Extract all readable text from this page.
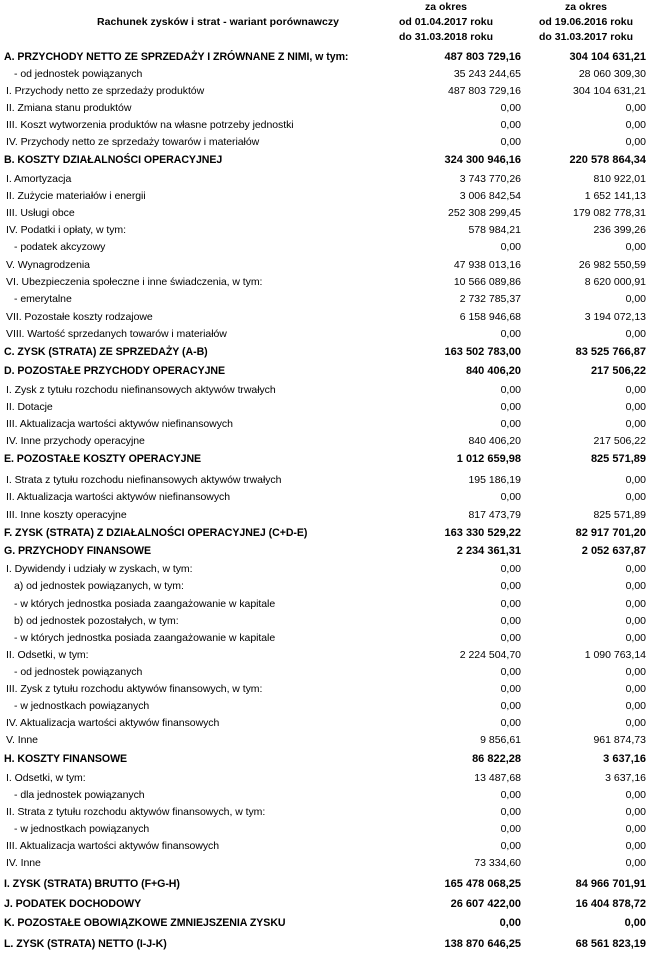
Rachunek zysków i strat - wariant porównawczy
za okres
od 01.04.2017 roku
do 31.03.2018 roku
za okres
od 19.06.2016 roku
do 31.03.2017 roku
A. PRZYCHODY NETTO ZE SPRZEDAŻY I ZRÓWNANE Z NIMI, w tym:	487 803 729,16	304 104 631,21
- od jednostek powiązanych	35 243 244,65	28 060 309,30
I. Przychody netto ze sprzedaży produktów	487 803 729,16	304 104 631,21
II. Zmiana stanu produktów	0,00	0,00
III. Koszt wytworzenia produktów na własne potrzeby jednostki	0,00	0,00
IV. Przychody netto ze sprzedaży towarów i materiałów	0,00	0,00
B. KOSZTY DZIAŁALNOŚCI OPERACYJNEJ	324 300 946,16	220 578 864,34
I. Amortyzacja	3 743 770,26	810 922,01
II. Zużycie materiałów i energii	3 006 842,54	1 652 141,13
III. Usługi obce	252 308 299,45	179 082 778,31
IV. Podatki i opłaty, w tym:	578 984,21	236 399,26
- podatek akcyzowy	0,00	0,00
V. Wynagrodzenia	47 938 013,16	26 982 550,59
VI. Ubezpieczenia społeczne i inne świadczenia, w tym:	10 566 089,86	8 620 000,91
- emerytalne	2 732 785,37	0,00
VII. Pozostałe koszty rodzajowe	6 158 946,68	3 194 072,13
VIII. Wartość sprzedanych towarów i materiałów	0,00	0,00
C. ZYSK (STRATA) ZE SPRZEDAŻY (A-B)	163 502 783,00	83 525 766,87
D. POZOSTAŁE PRZYCHODY OPERACYJNE	840 406,20	217 506,22
I. Zysk z tytułu rozchodu niefinansowych aktywów trwałych	0,00	0,00
II. Dotacje	0,00	0,00
III. Aktualizacja wartości aktywów niefinansowych	0,00	0,00
IV. Inne przychody operacyjne	840 406,20	217 506,22
E. POZOSTAŁE KOSZTY OPERACYJNE	1 012 659,98	825 571,89
I. Strata z tytułu rozchodu niefinansowych aktywów trwałych	195 186,19	0,00
II. Aktualizacja wartości aktywów niefinansowych	0,00	0,00
III. Inne koszty operacyjne	817 473,79	825 571,89
F. ZYSK (STRATA) Z DZIAŁALNOŚCI OPERACYJNEJ (C+D-E)	163 330 529,22	82 917 701,20
G. PRZYCHODY FINANSOWE	2 234 361,31	2 052 637,87
I. Dywidendy i udziały w zyskach, w tym:	0,00	0,00
a) od jednostek powiązanych, w tym:	0,00	0,00
- w których jednostka posiada zaangażowanie w kapitale	0,00	0,00
b) od jednostek pozostałych, w tym:	0,00	0,00
- w których jednostka posiada zaangażowanie w kapitale	0,00	0,00
II. Odsetki, w tym:	2 224 504,70	1 090 763,14
- od jednostek powiązanych	0,00	0,00
III. Zysk z tytułu rozchodu aktywów finansowych, w tym:	0,00	0,00
- w jednostkach powiązanych	0,00	0,00
IV. Aktualizacja wartości aktywów finansowych	0,00	0,00
V. Inne	9 856,61	961 874,73
H. KOSZTY FINANSOWE	86 822,28	3 637,16
I. Odsetki, w tym:	13 487,68	3 637,16
- dla jednostek powiązanych	0,00	0,00
II. Strata z tytułu rozchodu aktywów finansowych, w tym:	0,00	0,00
- w jednostkach powiązanych	0,00	0,00
III. Aktualizacja wartości aktywów finansowych	0,00	0,00
IV. Inne	73 334,60	0,00
I. ZYSK (STRATA) BRUTTO (F+G-H)	165 478 068,25	84 966 701,91
J. PODATEK DOCHODOWY	26 607 422,00	16 404 878,72
K. POZOSTAŁE OBOWIĄZKOWE ZMNIEJSZENIA ZYSKU	0,00	0,00
L. ZYSK (STRATA) NETTO (I-J-K)	138 870 646,25	68 561 823,19
